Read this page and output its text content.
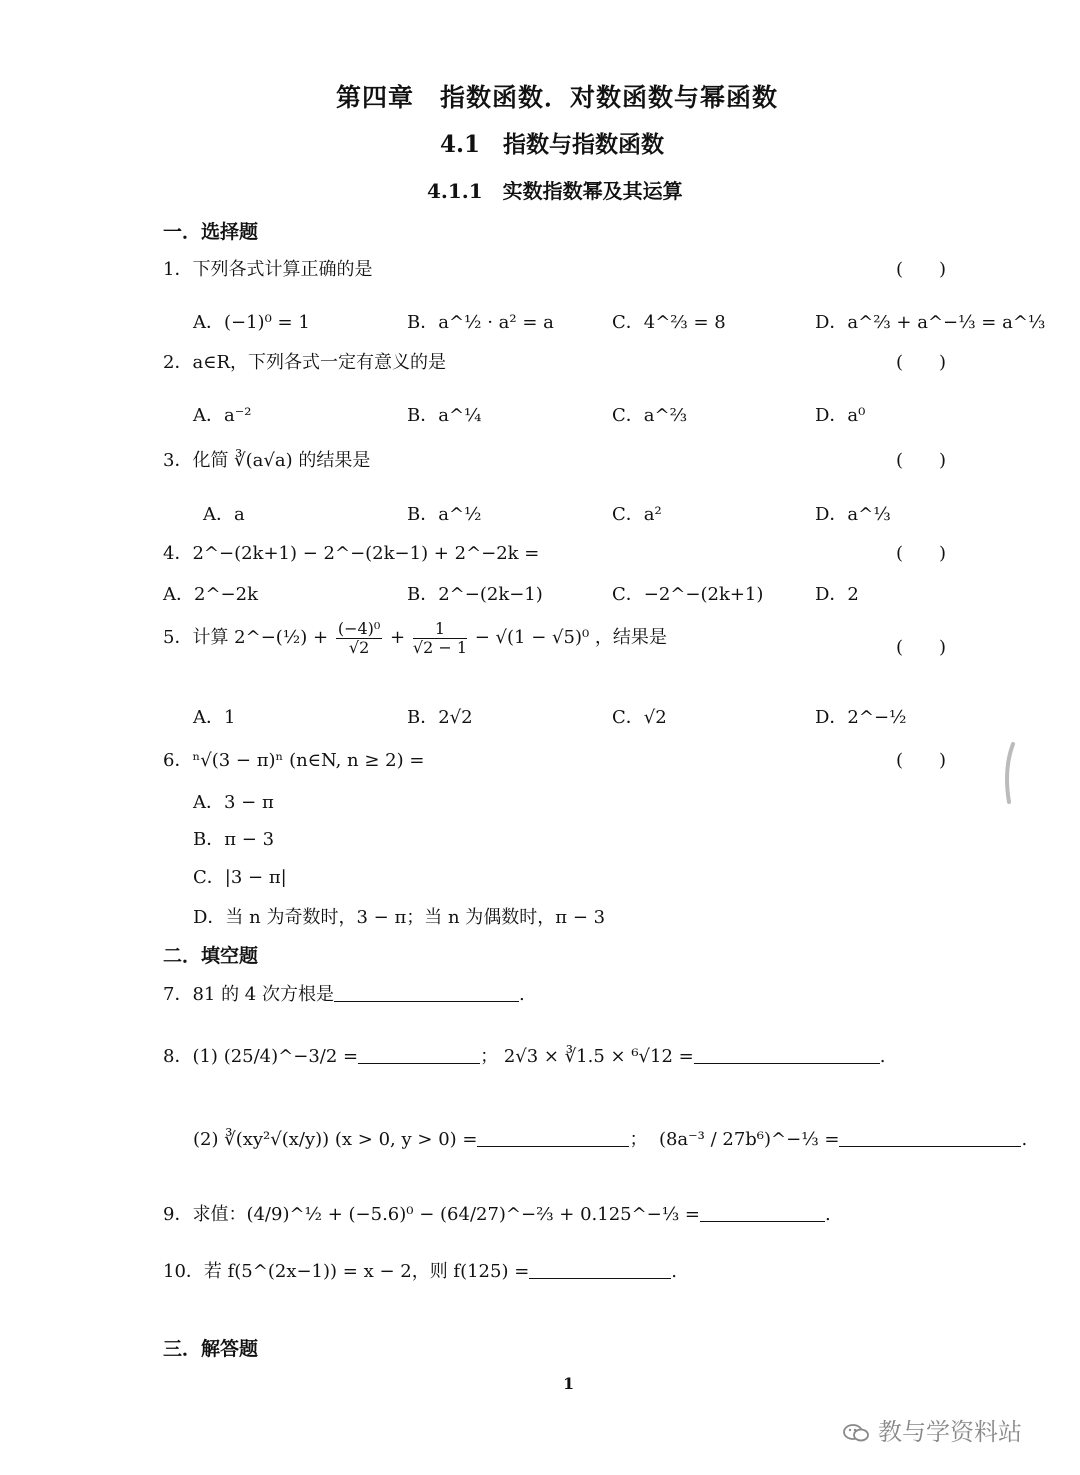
第四章　指数函数．对数函数与幂函数
4.1　指数与指数函数
4.1.1　实数指数幂及其运算
一．选择题
1．下列各式计算正确的是	(　　)
A．(−1)⁰ = 1	B．a^½ · a² = a	C．4^⅔ = 8	D．a^⅔ + a^−⅓ = a^⅓
2．a∈R，下列各式一定有意义的是	(　　)
A．a⁻²	B．a^¼	C．a^⅔	D．a⁰
3．化简 ∛(a√a) 的结果是	(　　)
A．a	B．a^½	C．a²	D．a^⅓
4．2^−(2k+1) − 2^−(2k−1) + 2^−2k =	(　　)
A．2^−2k	B．2^−(2k−1)	C．−2^−(2k+1)	D．2
5．计算 2^−(½) + $\frac{\text{(−4)⁰}}{√2} + \frac{1}{√2 - 1} - √(1 - √5)^0$ ，结果是	(　　)
A．1	B．2√2	C．√2	D．2^−½
6．ⁿ√(3 − π)ⁿ (n∈N, n ≥ 2) =	(　　)
A．3 − π
B．π − 3
C．|3 − π|
D．当 n 为奇数时，3 − π；当 n 为偶数时，π − 3
二．填空题
7．81 的 4 次方根是	.
8．(1) (25/4)^−3/2 =	； 2√3 × ∛1.5 × ⁶√12 =	.
(2) ∛(xy²√(x/y)) (x > 0, y > 0) =	； (8a⁻³ / 27b⁶)^−⅓ =	.
9．求值：(4/9)^½ + (−5.6)⁰ − (64/27)^−⅔ + 0.125^−⅓ =	.
10．若 f(5^(2x−1)) = x − 2，则 f(125) =	.
三．解答题
1
教与学资料站
